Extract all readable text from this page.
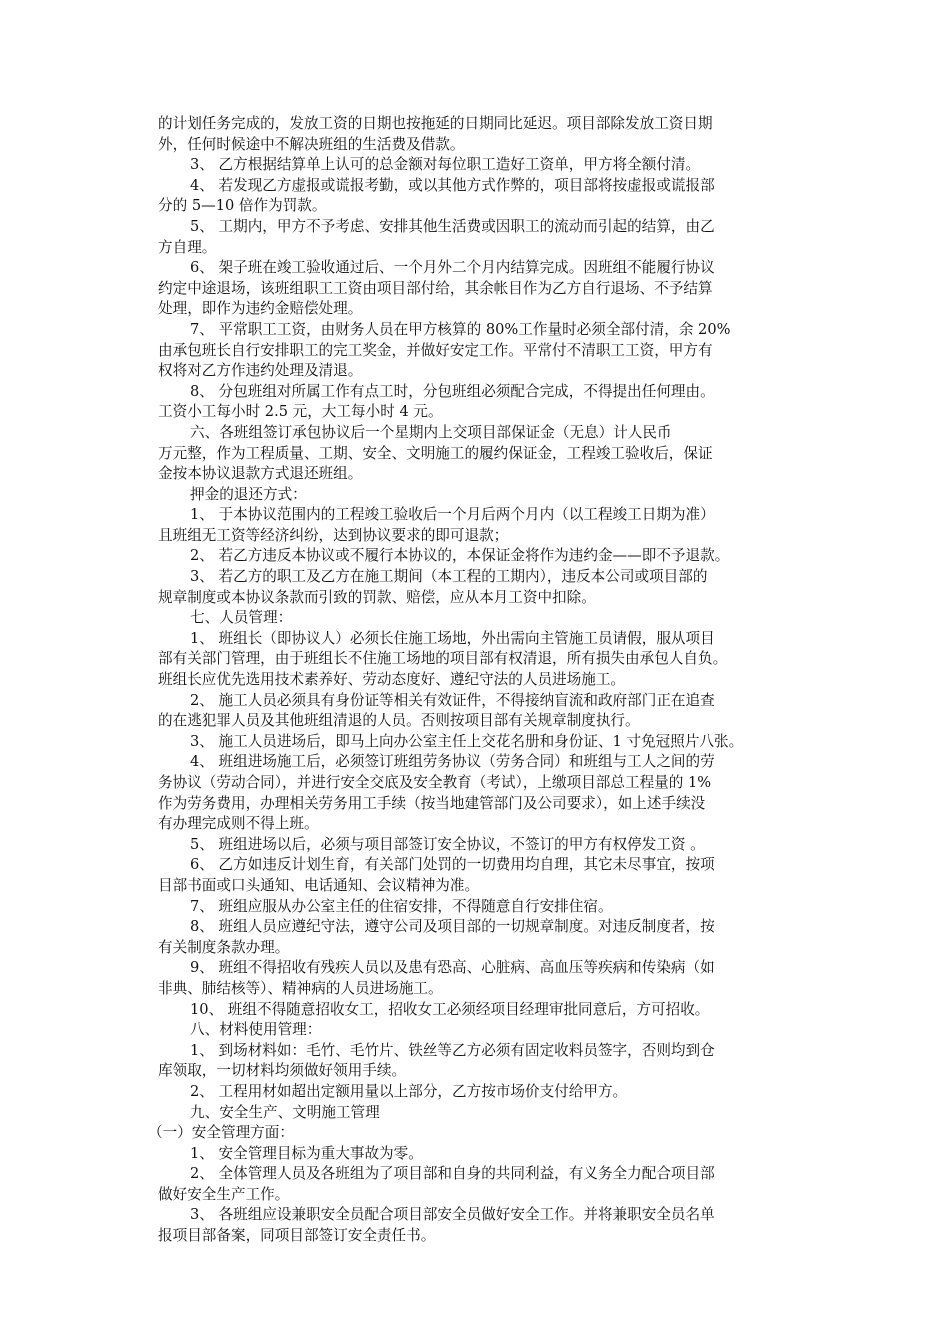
的计划任务完成的，发放工资的日期也按拖延的日期同比延迟。项目部除发放工资日期
外，任何时候途中不解决班组的生活费及借款。
3、 乙方根据结算单上认可的总金额对每位职工造好工资单，甲方将全额付清。
4、 若发现乙方虚报或谎报考勤，或以其他方式作弊的，项目部将按虚报或谎报部
分的 5—10 倍作为罚款。
5、 工期内，甲方不予考虑、安排其他生活费或因职工的流动而引起的结算，由乙
方自理。
6、 架子班在竣工验收通过后、一个月外二个月内结算完成。因班组不能履行协议
约定中途退场，该班组职工工资由项目部付给，其余帐目作为乙方自行退场、不予结算
处理，即作为违约金赔偿处理。
7、 平常职工工资，由财务人员在甲方核算的 80%工作量时必须全部付清，余 20%
由承包班长自行安排职工的完工奖金，并做好安定工作。平常付不清职工工资，甲方有
权将对乙方作违约处理及清退。
8、 分包班组对所属工作有点工时，分包班组必须配合完成，不得提出任何理由。
工资小工每小时 2.5 元，大工每小时 4 元。
六、各班组签订承包协议后一个星期内上交项目部保证金（无息）计人民币
万元整，作为工程质量、工期、安全、文明施工的履约保证金，工程竣工验收后，保证
金按本协议退款方式退还班组。
押金的退还方式：
1、 于本协议范围内的工程竣工验收后一个月后两个月内（以工程竣工日期为准）
且班组无工资等经济纠纷，达到协议要求的即可退款；
2、 若乙方违反本协议或不履行本协议的，本保证金将作为违约金——即不予退款。
3、 若乙方的职工及乙方在施工期间（本工程的工期内），违反本公司或项目部的
规章制度或本协议条款而引致的罚款、赔偿，应从本月工资中扣除。
七、人员管理：
1、 班组长（即协议人）必须长住施工场地，外出需向主管施工员请假，服从项目
部有关部门管理，由于班组长不住施工场地的项目部有权清退，所有损失由承包人自负。
班组长应优先选用技术素养好、劳动态度好、遵纪守法的人员进场施工。
2、 施工人员必须具有身份证等相关有效证件，不得接纳盲流和政府部门正在追查
的在逃犯罪人员及其他班组清退的人员。否则按项目部有关规章制度执行。
3、 施工人员进场后，即马上向办公室主任上交花名册和身份证、1 寸免冠照片八张。
4、 班组进场施工后，必须签订班组劳务协议（劳务合同）和班组与工人之间的劳
务协议（劳动合同），并进行安全交底及安全教育（考试），上缴项目部总工程量的 1%
作为劳务费用，办理相关劳务用工手续（按当地建管部门及公司要求），如上述手续没
有办理完成则不得上班。
5、 班组进场以后，必须与项目部签订安全协议，不签订的甲方有权停发工资 。
6、 乙方如违反计划生育，有关部门处罚的一切费用均自理，其它未尽事宜，按项
目部书面或口头通知、电话通知、会议精神为准。
7、 班组应服从办公室主任的住宿安排，不得随意自行安排住宿。
8、 班组人员应遵纪守法，遵守公司及项目部的一切规章制度。对违反制度者，按
有关制度条款办理。
9、 班组不得招收有残疾人员以及患有恐高、心脏病、高血压等疾病和传染病（如
非典、肺结核等）、精神病的人员进场施工。
10、 班组不得随意招收女工，招收女工必须经项目经理审批同意后，方可招收。
八、材料使用管理：
1、 到场材料如：毛竹、毛竹片、铁丝等乙方必须有固定收料员签字，否则均到仓
库领取，一切材料均须做好领用手续。
2、 工程用材如超出定额用量以上部分，乙方按市场价支付给甲方。
九、安全生产、文明施工管理
（一）安全管理方面：
1、 安全管理目标为重大事故为零。
2、 全体管理人员及各班组为了项目部和自身的共同利益，有义务全力配合项目部
做好安全生产工作。
3、 各班组应设兼职安全员配合项目部安全员做好安全工作。并将兼职安全员名单
报项目部备案，同项目部签订安全责任书。
